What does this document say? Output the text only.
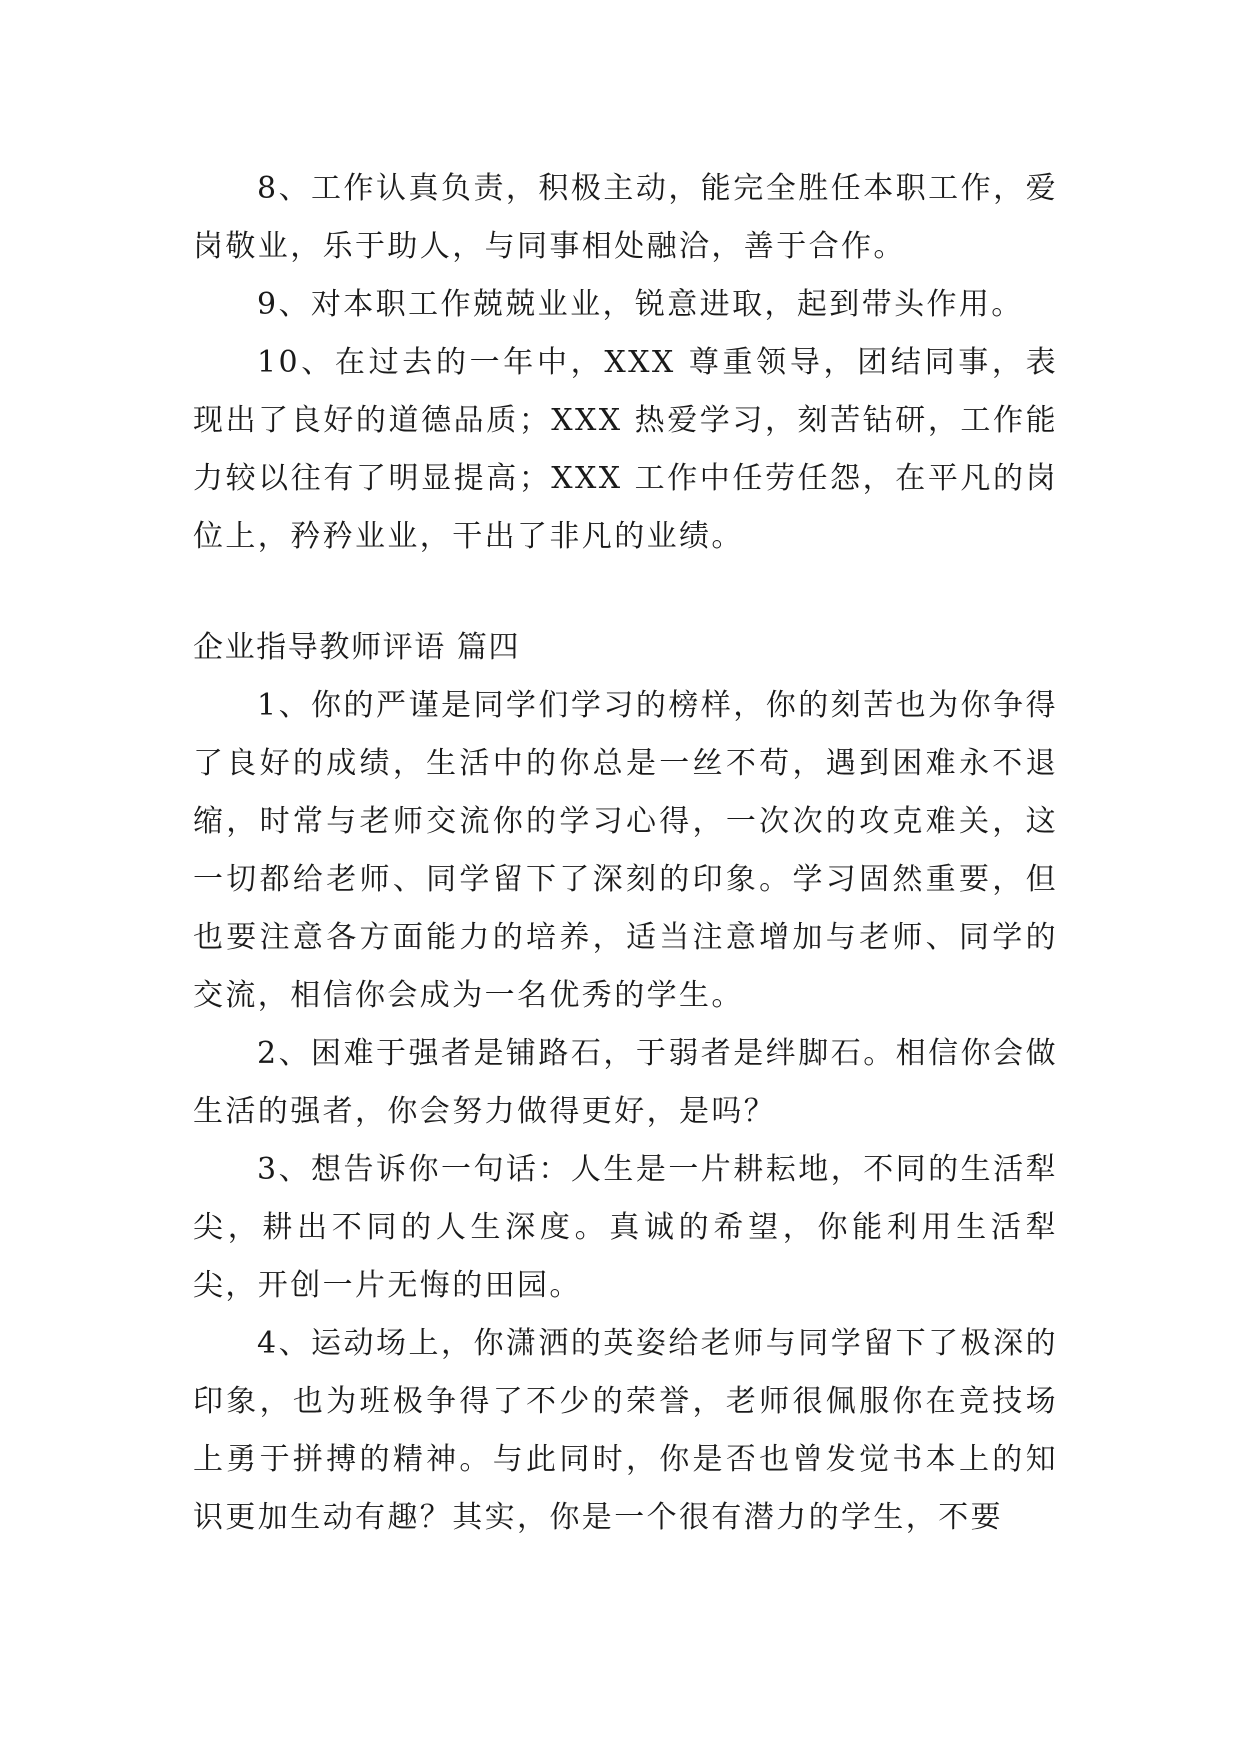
8、工作认真负责，积极主动，能完全胜任本职工作，爱岗敬业，乐于助人，与同事相处融洽，善于合作。

9、对本职工作兢兢业业，锐意进取，起到带头作用。

10、在过去的一年中，XXX 尊重领导，团结同事，表现出了良好的道德品质；XXX 热爱学习，刻苦钻研，工作能力较以往有了明显提高；XXX 工作中任劳任怨，在平凡的岗位上，矜矜业业，干出了非凡的业绩。

企业指导教师评语 篇四

1、你的严谨是同学们学习的榜样，你的刻苦也为你争得了良好的成绩，生活中的你总是一丝不苟，遇到困难永不退缩，时常与老师交流你的学习心得，一次次的攻克难关，这一切都给老师、同学留下了深刻的印象。学习固然重要，但也要注意各方面能力的培养，适当注意增加与老师、同学的交流，相信你会成为一名优秀的学生。

2、困难于强者是铺路石，于弱者是绊脚石。相信你会做生活的强者，你会努力做得更好，是吗？

3、想告诉你一句话：人生是一片耕耘地，不同的生活犁尖，耕出不同的人生深度。真诚的希望，你能利用生活犁尖，开创一片无悔的田园。

4、运动场上，你潇洒的英姿给老师与同学留下了极深的印象，也为班极争得了不少的荣誉，老师很佩服你在竞技场上勇于拼搏的精神。与此同时，你是否也曾发觉书本上的知识更加生动有趣？其实，你是一个很有潜力的学生，不要
